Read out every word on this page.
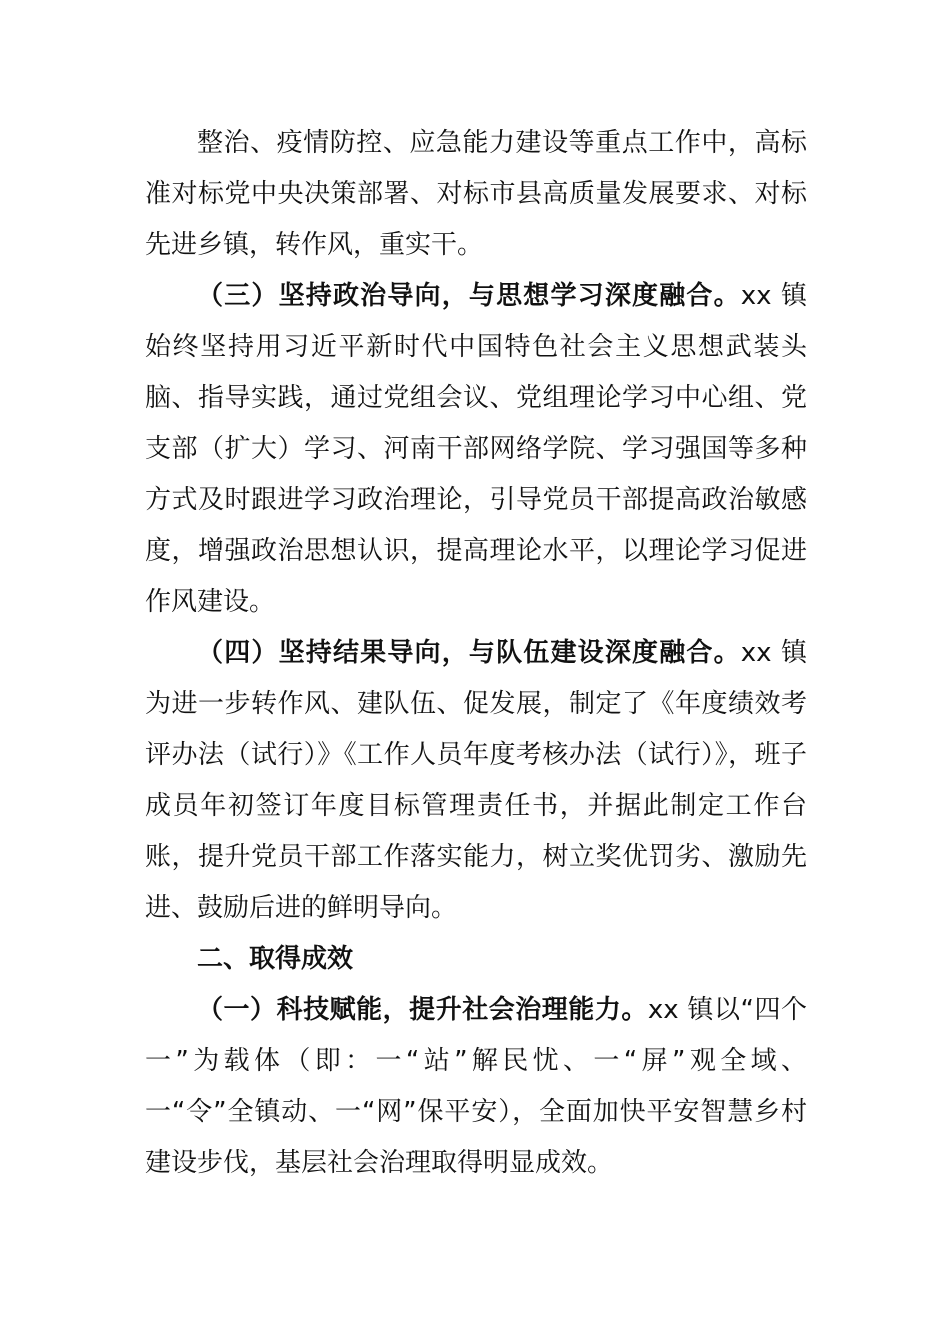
整治、疫情防控、应急能力建设等重点工作中，高标准对标党中央决策部署、对标市县高质量发展要求、对标先进乡镇，转作风，重实干。

（三）坚持政治导向，与思想学习深度融合。xx 镇始终坚持用习近平新时代中国特色社会主义思想武装头脑、指导实践，通过党组会议、党组理论学习中心组、党支部（扩大）学习、河南干部网络学院、学习强国等多种方式及时跟进学习政治理论，引导党员干部提高政治敏感度，增强政治思想认识，提高理论水平，以理论学习促进作风建设。

（四）坚持结果导向，与队伍建设深度融合。xx 镇为进一步转作风、建队伍、促发展，制定了《年度绩效考评办法（试行）》《工作人员年度考核办法（试行）》，班子成员年初签订年度目标管理责任书，并据此制定工作台账，提升党员干部工作落实能力，树立奖优罚劣、激励先进、鼓励后进的鲜明导向。

二、取得成效

（一）科技赋能，提升社会治理能力。xx 镇以“四个一”为载体（即：一“站”解民忧、一“屏”观全域、一“令”全镇动、一“网”保平安），全面加快平安智慧乡村建设步伐，基层社会治理取得明显成效。
